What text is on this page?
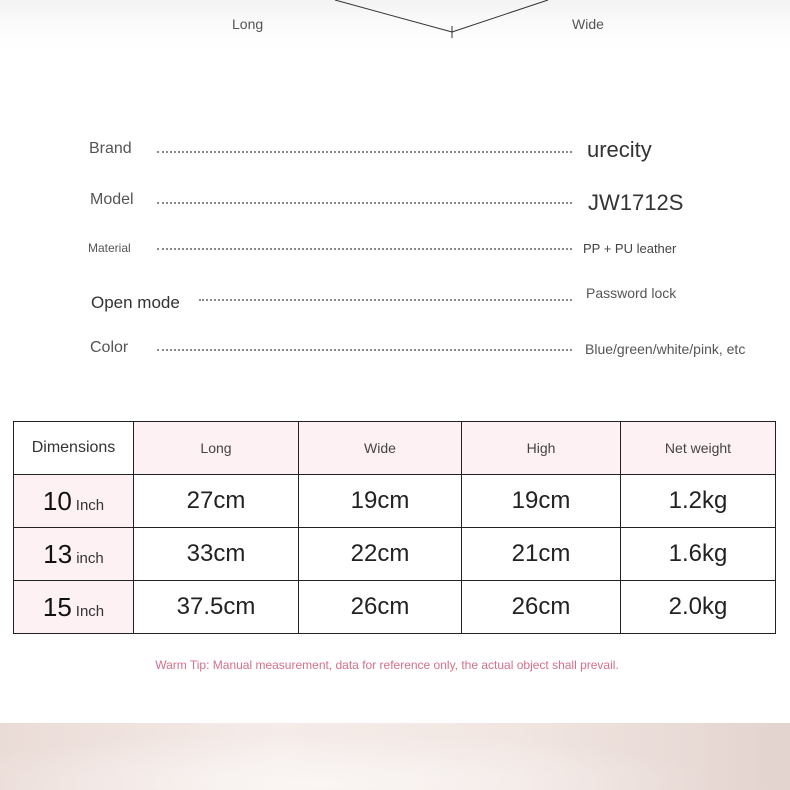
Long	Wide
Brand	urecity
Model	JW1712S
Material	PP + PU leather
Open mode	Password lock
Color	Blue/green/white/pink, etc
Dimensions	Long	Wide	High	Net weight
10 Inch	27cm	19cm	19cm	1.2kg
13 inch	33cm	22cm	21cm	1.6kg
15 Inch	37.5cm	26cm	26cm	2.0kg
Warm Tip: Manual measurement, data for reference only, the actual object shall prevail.
